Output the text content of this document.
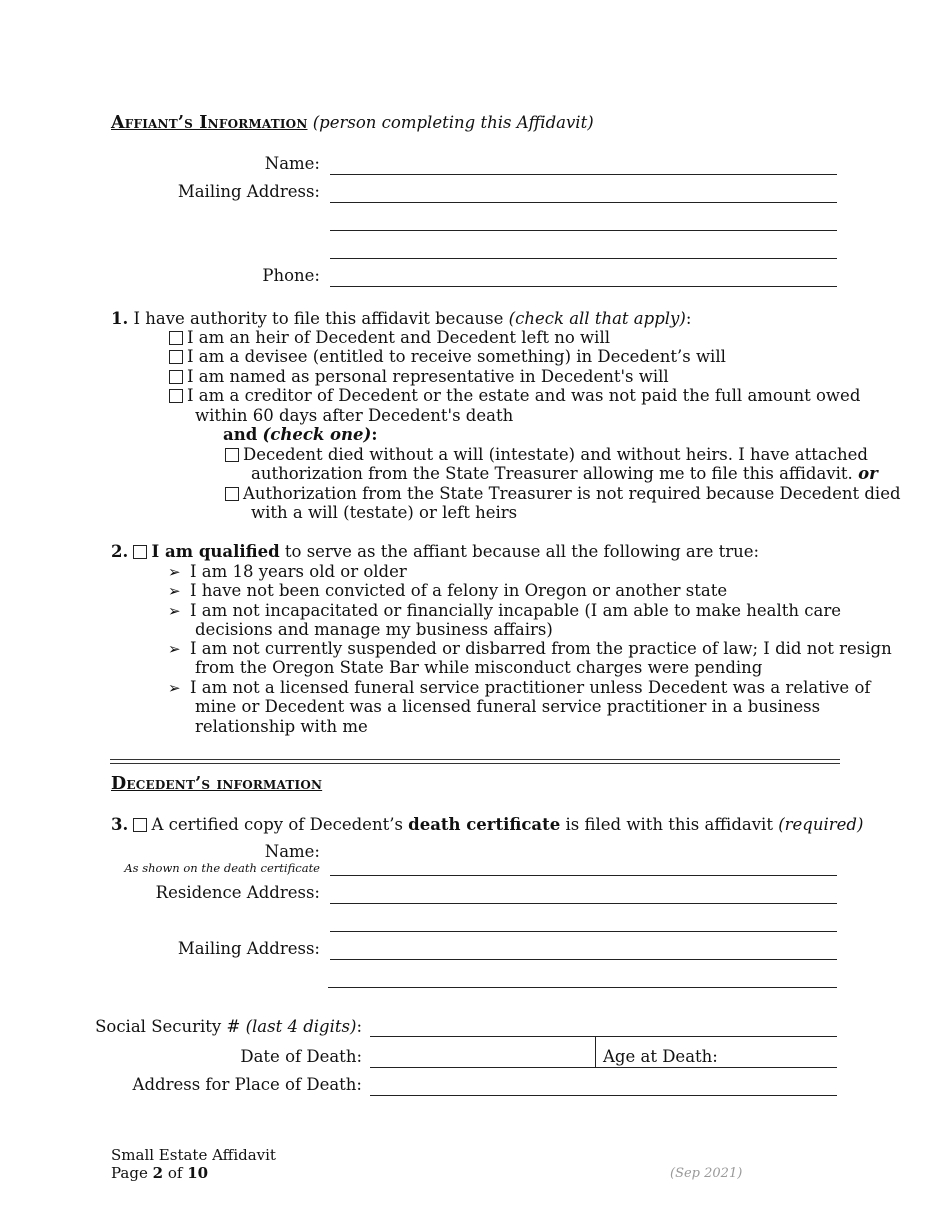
Affiant’s Information (person completing this Affidavit)
Name:
Mailing Address:
Phone:
1. I have authority to file this affidavit because (check all that apply):
I am an heir of Decedent and Decedent left no will
I am a devisee (entitled to receive something) in Decedent’s will
I am named as personal representative in Decedent's will
I am a creditor of Decedent or the estate and was not paid the full amount owed
within 60 days after Decedent's death
and (check one):
Decedent died without a will (intestate) and without heirs. I have attached
authorization from the State Treasurer allowing me to file this affidavit. or
Authorization from the State Treasurer is not required because Decedent died
with a will (testate) or left heirs
2. I am qualified to serve as the affiant because all the following are true:
➢ I am 18 years old or older
➢ I have not been convicted of a felony in Oregon or another state
➢ I am not incapacitated or financially incapable (I am able to make health care
decisions and manage my business affairs)
➢ I am not currently suspended or disbarred from the practice of law; I did not resign
from the Oregon State Bar while misconduct charges were pending
➢ I am not a licensed funeral service practitioner unless Decedent was a relative of
mine or Decedent was a licensed funeral service practitioner in a business
relationship with me
Decedent’s information
3. A certified copy of Decedent’s death certificate is filed with this affidavit (required)
Name:
As shown on the death certificate
Residence Address:
Mailing Address:
Social Security # (last 4 digits):
Date of Death:	Age at Death:
Address for Place of Death:
Small Estate Affidavit
Page 2 of 10	(Sep 2021)
